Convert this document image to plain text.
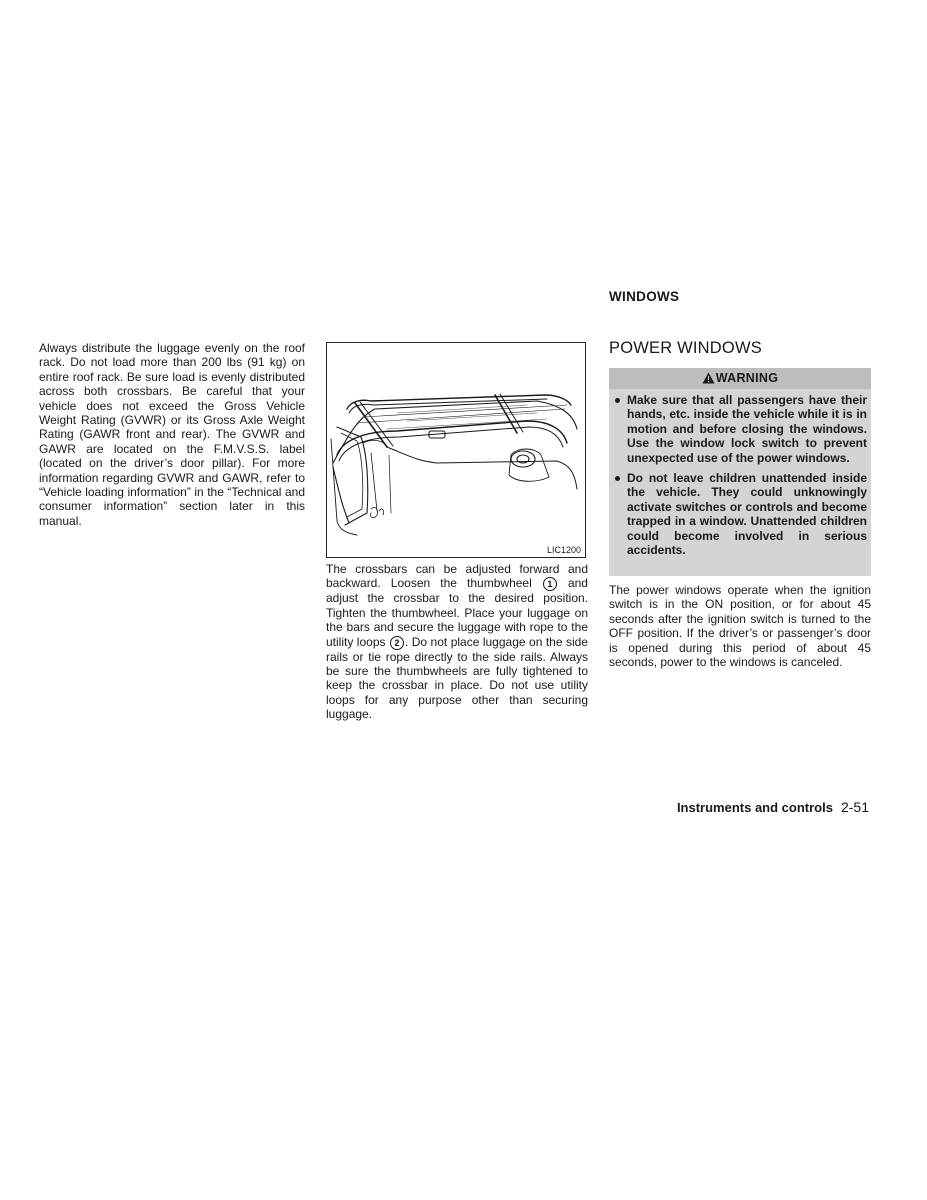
Always distribute the luggage evenly on the roof rack. Do not load more than 200 lbs (91 kg) on entire roof rack. Be sure load is evenly distributed across both crossbars. Be careful that your vehicle does not exceed the Gross Vehicle Weight Rating (GVWR) or its Gross Axle Weight Rating (GAWR front and rear). The GVWR and GAWR are located on the F.M.V.S.S. label (located on the driver’s door pillar). For more information regarding GVWR and GAWR, refer to “Vehicle loading information” in the “Technical and consumer information” section later in this manual.

LIC1200

The crossbars can be adjusted forward and backward. Loosen the thumbwheel 1 and adjust the crossbar to the desired position. Tighten the thumbwheel. Place your luggage on the bars and secure the luggage with rope to the utility loops 2 . Do not place luggage on the side rails or tie rope directly to the side rails. Always be sure the thumbwheels are fully tightened to keep the crossbar in place. Do not use utility loops for any purpose other than securing luggage.

WINDOWS
POWER WINDOWS
WARNING
Make sure that all passengers have their hands, etc. inside the vehicle while it is in motion and before closing the windows. Use the window lock switch to prevent unexpected use of the power windows.
Do not leave children unattended inside the vehicle. They could unknowingly activate switches or controls and become trapped in a window. Unattended children could become involved in serious accidents.

The power windows operate when the ignition switch is in the ON position, or for about 45 seconds after the ignition switch is turned to the OFF position. If the driver’s or passenger’s door is opened during this period of about 45 seconds, power to the windows is canceled.

Instruments and controls 2-51
